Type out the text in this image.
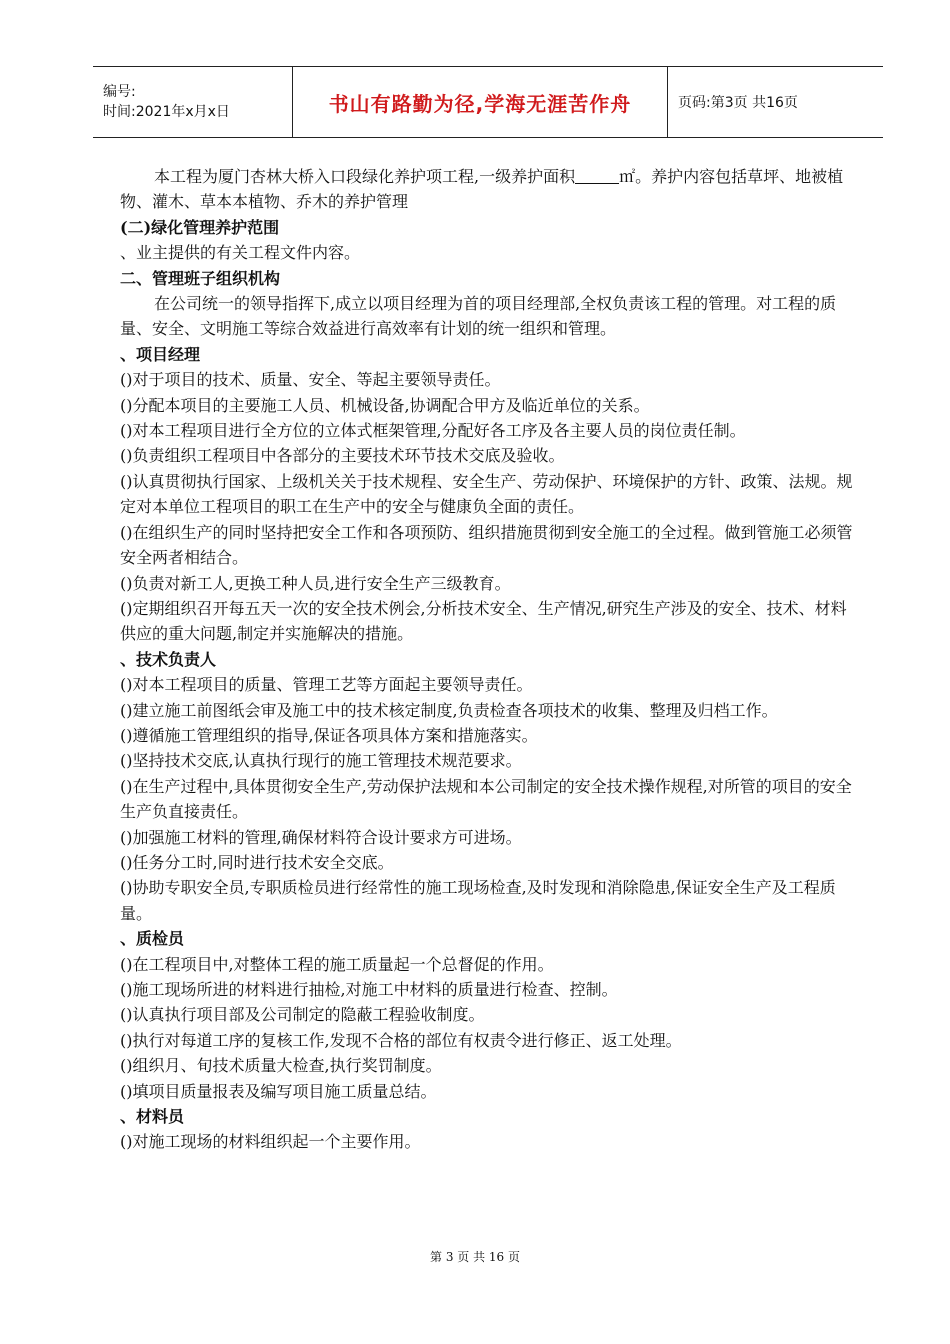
编号:
时间:2021年x月x日	书山有路勤为径,学海无涯苦作舟	页码:第3页 共16页

本工程为厦门杏林大桥入口段绿化养护项工程,一级养护面积	㎡。养护内容包括草坪、地被植物、灌木、草本本植物、乔木的养护管理

(二)绿化管理养护范围

、业主提供的有关工程文件内容。

二、管理班子组织机构

在公司统一的领导指挥下,成立以项目经理为首的项目经理部,全权负责该工程的管理。对工程的质量、安全、文明施工等综合效益进行高效率有计划的统一组织和管理。

、项目经理

()对于项目的技术、质量、安全、等起主要领导责任。

()分配本项目的主要施工人员、机械设备,协调配合甲方及临近单位的关系。

()对本工程项目进行全方位的立体式框架管理,分配好各工序及各主要人员的岗位责任制。

()负责组织工程项目中各部分的主要技术环节技术交底及验收。

()认真贯彻执行国家、上级机关关于技术规程、安全生产、劳动保护、环境保护的方针、政策、法规。规定对本单位工程项目的职工在生产中的安全与健康负全面的责任。

()在组织生产的同时坚持把安全工作和各项预防、组织措施贯彻到安全施工的全过程。做到管施工必须管安全两者相结合。

()负责对新工人,更换工种人员,进行安全生产三级教育。

()定期组织召开每五天一次的安全技术例会,分析技术安全、生产情况,研究生产涉及的安全、技术、材料供应的重大问题,制定并实施解决的措施。

、技术负责人

()对本工程项目的质量、管理工艺等方面起主要领导责任。

()建立施工前图纸会审及施工中的技术核定制度,负责检查各项技术的收集、整理及归档工作。

()遵循施工管理组织的指导,保证各项具体方案和措施落实。

()坚持技术交底,认真执行现行的施工管理技术规范要求。

()在生产过程中,具体贯彻安全生产,劳动保护法规和本公司制定的安全技术操作规程,对所管的项目的安全生产负直接责任。

()加强施工材料的管理,确保材料符合设计要求方可进场。

()任务分工时,同时进行技术安全交底。

()协助专职安全员,专职质检员进行经常性的施工现场检查,及时发现和消除隐患,保证安全生产及工程质量。

、质检员

()在工程项目中,对整体工程的施工质量起一个总督促的作用。

()施工现场所进的材料进行抽检,对施工中材料的质量进行检查、控制。

()认真执行项目部及公司制定的隐蔽工程验收制度。

()执行对每道工序的复核工作,发现不合格的部位有权责令进行修正、返工处理。

()组织月、旬技术质量大检查,执行奖罚制度。

()填项目质量报表及编写项目施工质量总结。

、材料员

()对施工现场的材料组织起一个主要作用。

第 3 页 共 16 页
